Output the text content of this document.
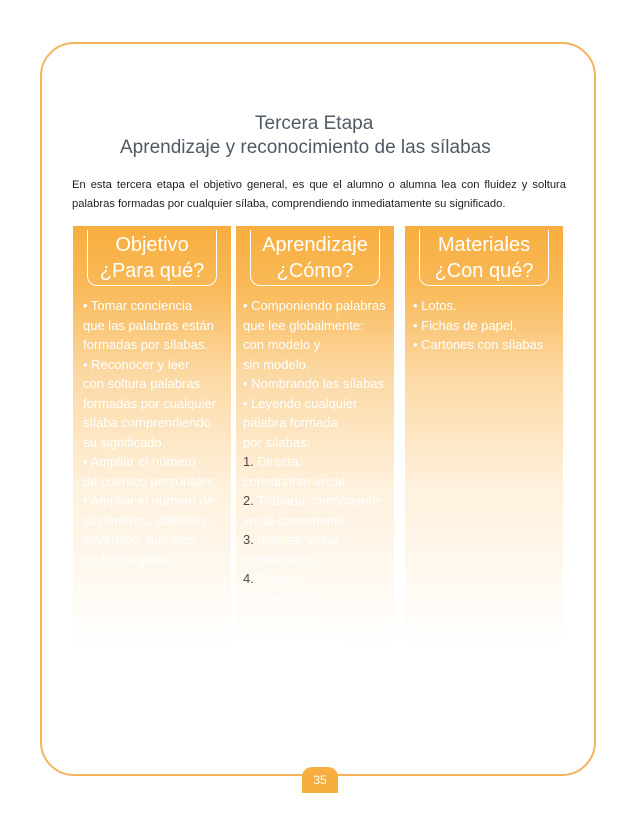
Tercera Etapa
Aprendizaje y reconocimiento de las sílabas
En esta tercera etapa el objetivo general, es que el alumno o alumna lea con fluidez y soltura palabras formadas por cualquier sílaba, comprendiendo inmediatamente su significado.
Objetivo
¿Para qué?
• Tomar conciencia
que las palabras están
formadas por sílabas.
• Reconocer y leer
con soltura palabras
formadas por cualquier
sílaba comprendiendo
su significado.
• Ampliar el número
de cuentos personales.
• Ampliar el número de
sustantivos, adjetivos,
adverbios, que leen
en forma global.
Aprendizaje
¿Cómo?
• Componiendo palabras
que lee globalmente:
con modelo y
sin modelo.
• Nombrando las sílabas
• Leyendo cualquier
palabra formada
por sílabas:
1. Directa:
consonante-vocal.
2. Trabada: consonante-
vocal-consonante.
3. Inversa: vocal,
consonante.
4. Grupos
consonánticos:
consonante-
consonante-vocal.
Materiales
¿Con qué?
• Lotos.
• Fichas de papel.
• Cartones con sílabas
35
